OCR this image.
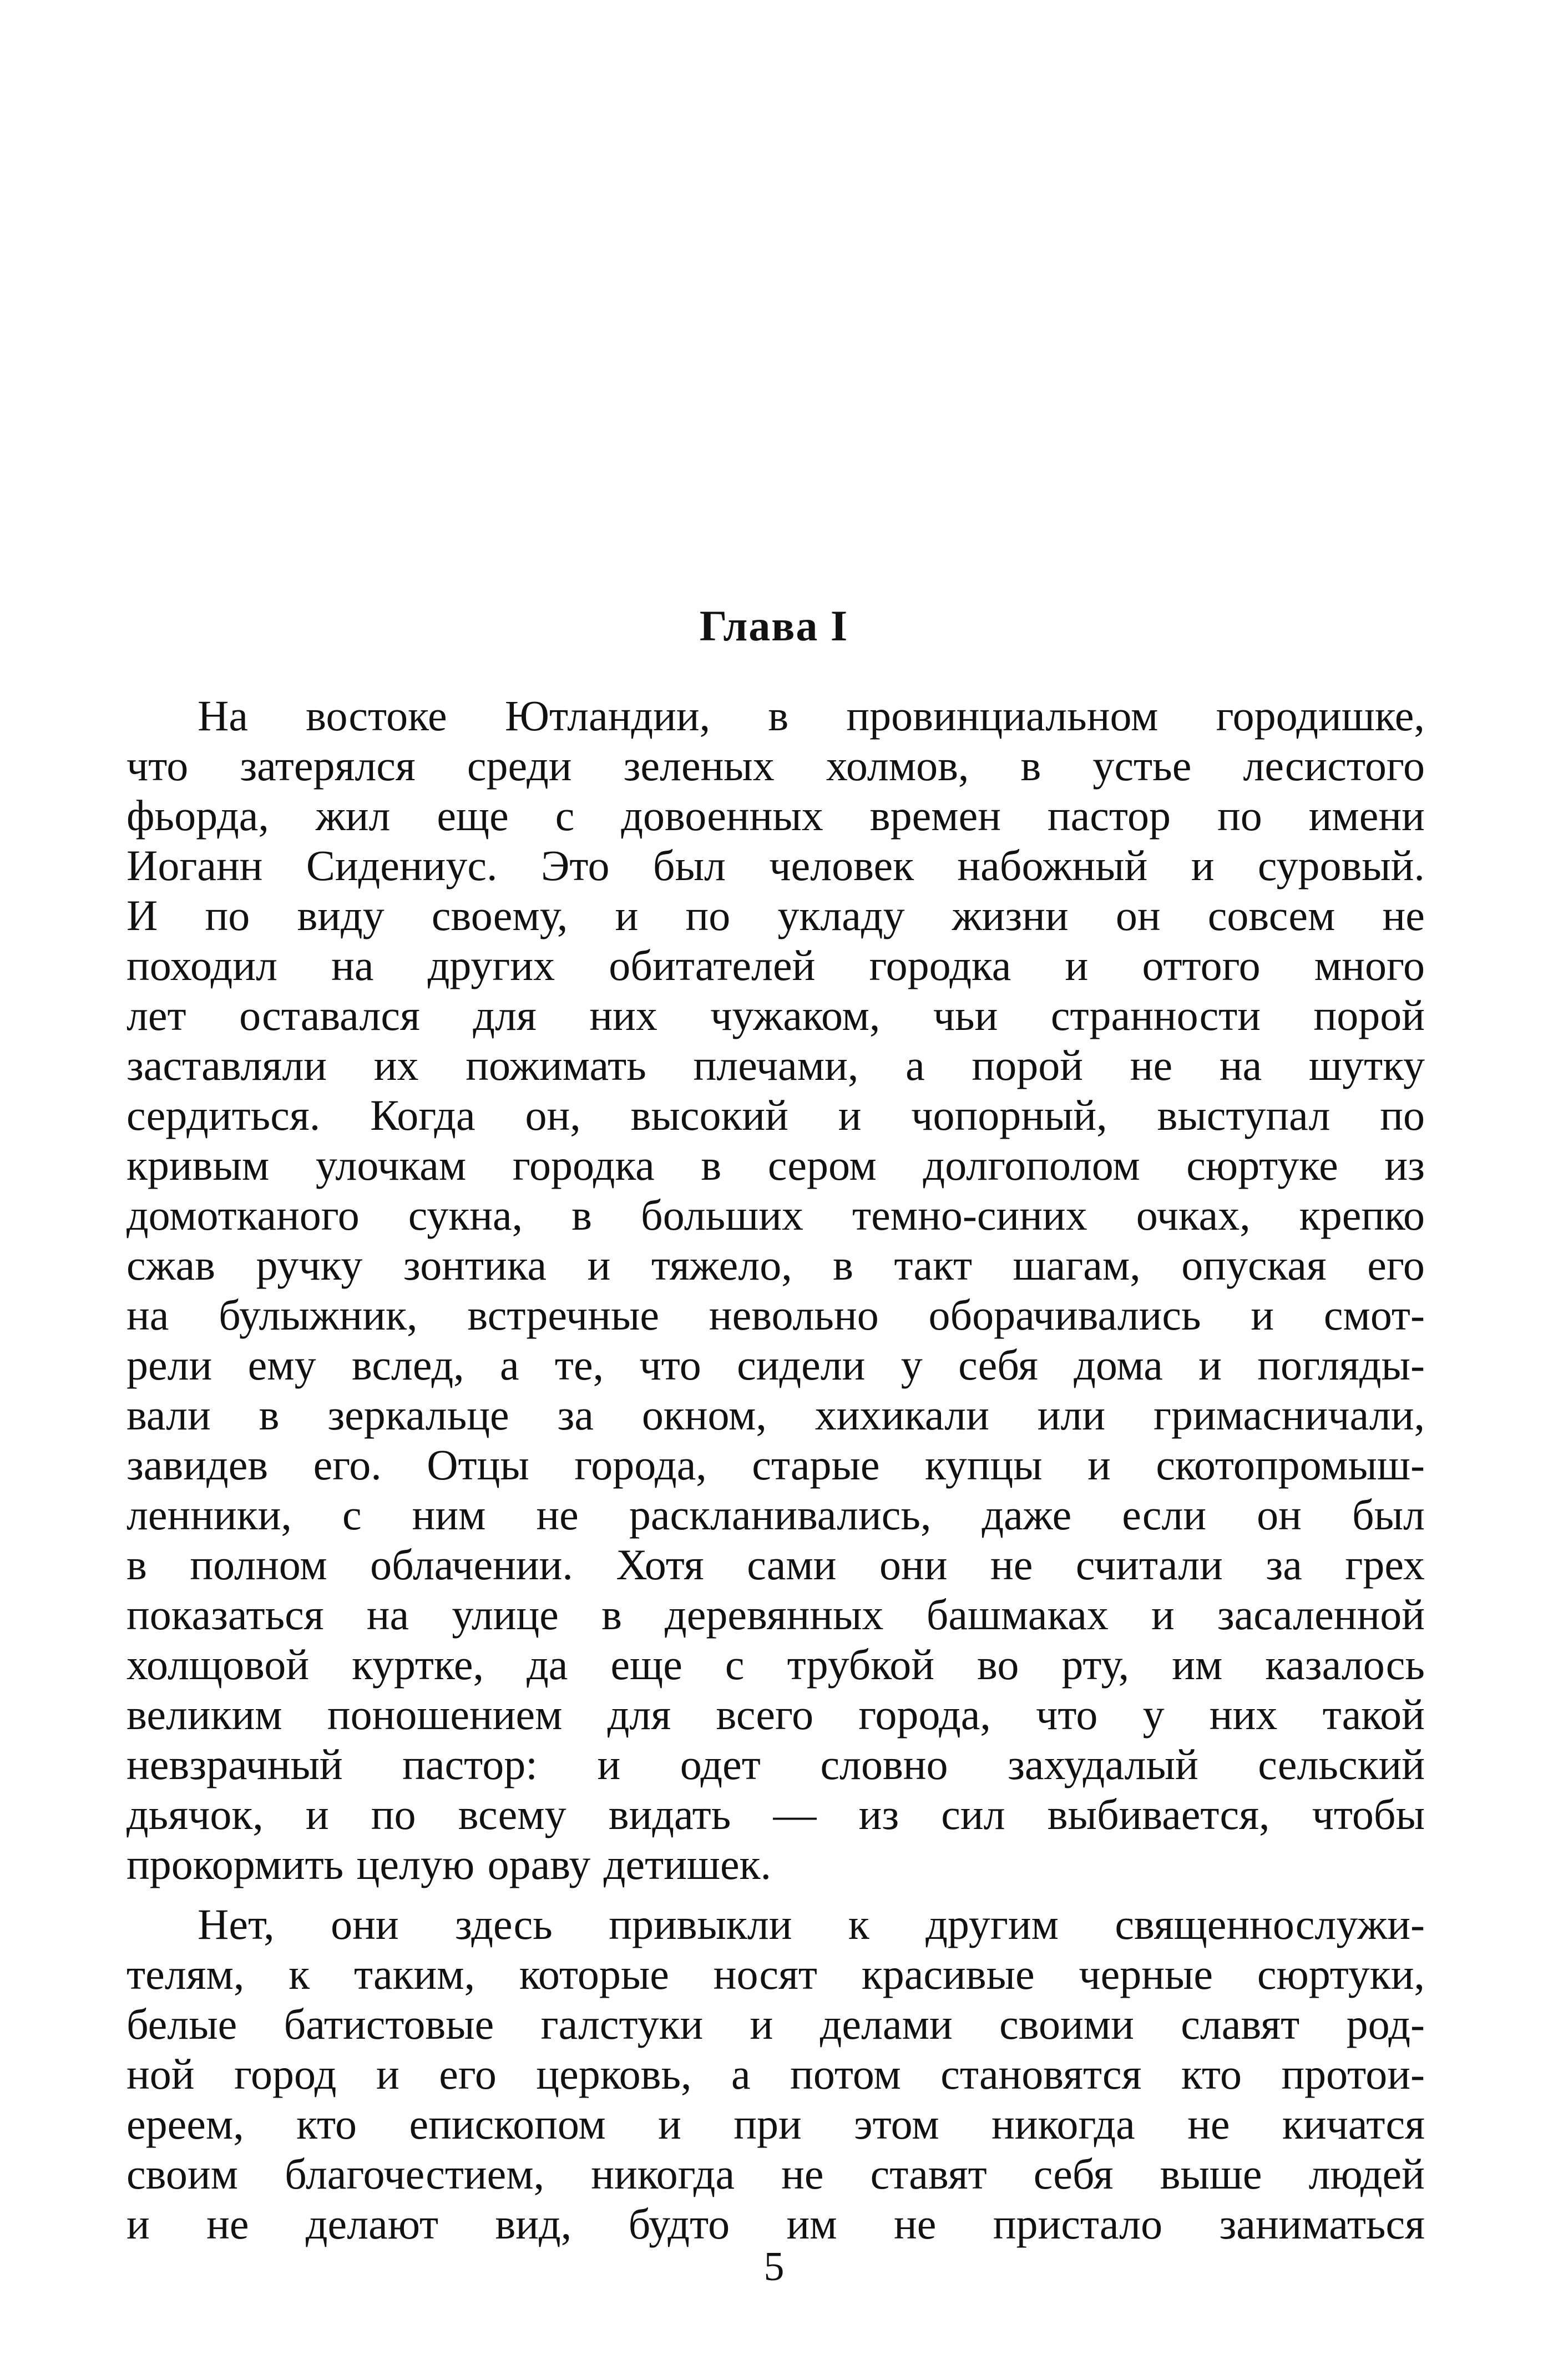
Глава I
На востоке Ютландии, в провинциальном городишке,
что затерялся среди зеленых холмов, в устье лесистого
фьорда, жил еще с довоенных времен пастор по имени
Иоганн Сидениус. Это был человек набожный и суровый.
И по виду своему, и по укладу жизни он совсем не
походил на других обитателей городка и оттого много
лет оставался для них чужаком, чьи странности порой
заставляли их пожимать плечами, а порой не на шутку
сердиться. Когда он, высокий и чопорный, выступал по
кривым улочкам городка в сером долгополом сюртуке из
домотканого сукна, в больших темно-синих очках, крепко
сжав ручку зонтика и тяжело, в такт шагам, опуская его
на булыжник, встречные невольно оборачивались и смот-
рели ему вслед, а те, что сидели у себя дома и погляды-
вали в зеркальце за окном, хихикали или гримасничали,
завидев его. Отцы города, старые купцы и скотопромыш-
ленники, с ним не раскланивались, даже если он был
в полном облачении. Хотя сами они не считали за грех
показаться на улице в деревянных башмаках и засаленной
холщовой куртке, да еще с трубкой во рту, им казалось
великим поношением для всего города, что у них такой
невзрачный пастор: и одет словно захудалый сельский
дьячок, и по всему видать — из сил выбивается, чтобы
прокормить целую ораву детишек.
Нет, они здесь привыкли к другим священнослужи-
телям, к таким, которые носят красивые черные сюртуки,
белые батистовые галстуки и делами своими славят род-
ной город и его церковь, а потом становятся кто протои-
ереем, кто епископом и при этом никогда не кичатся
своим благочестием, никогда не ставят себя выше людей
и не делают вид, будто им не пристало заниматься
5
